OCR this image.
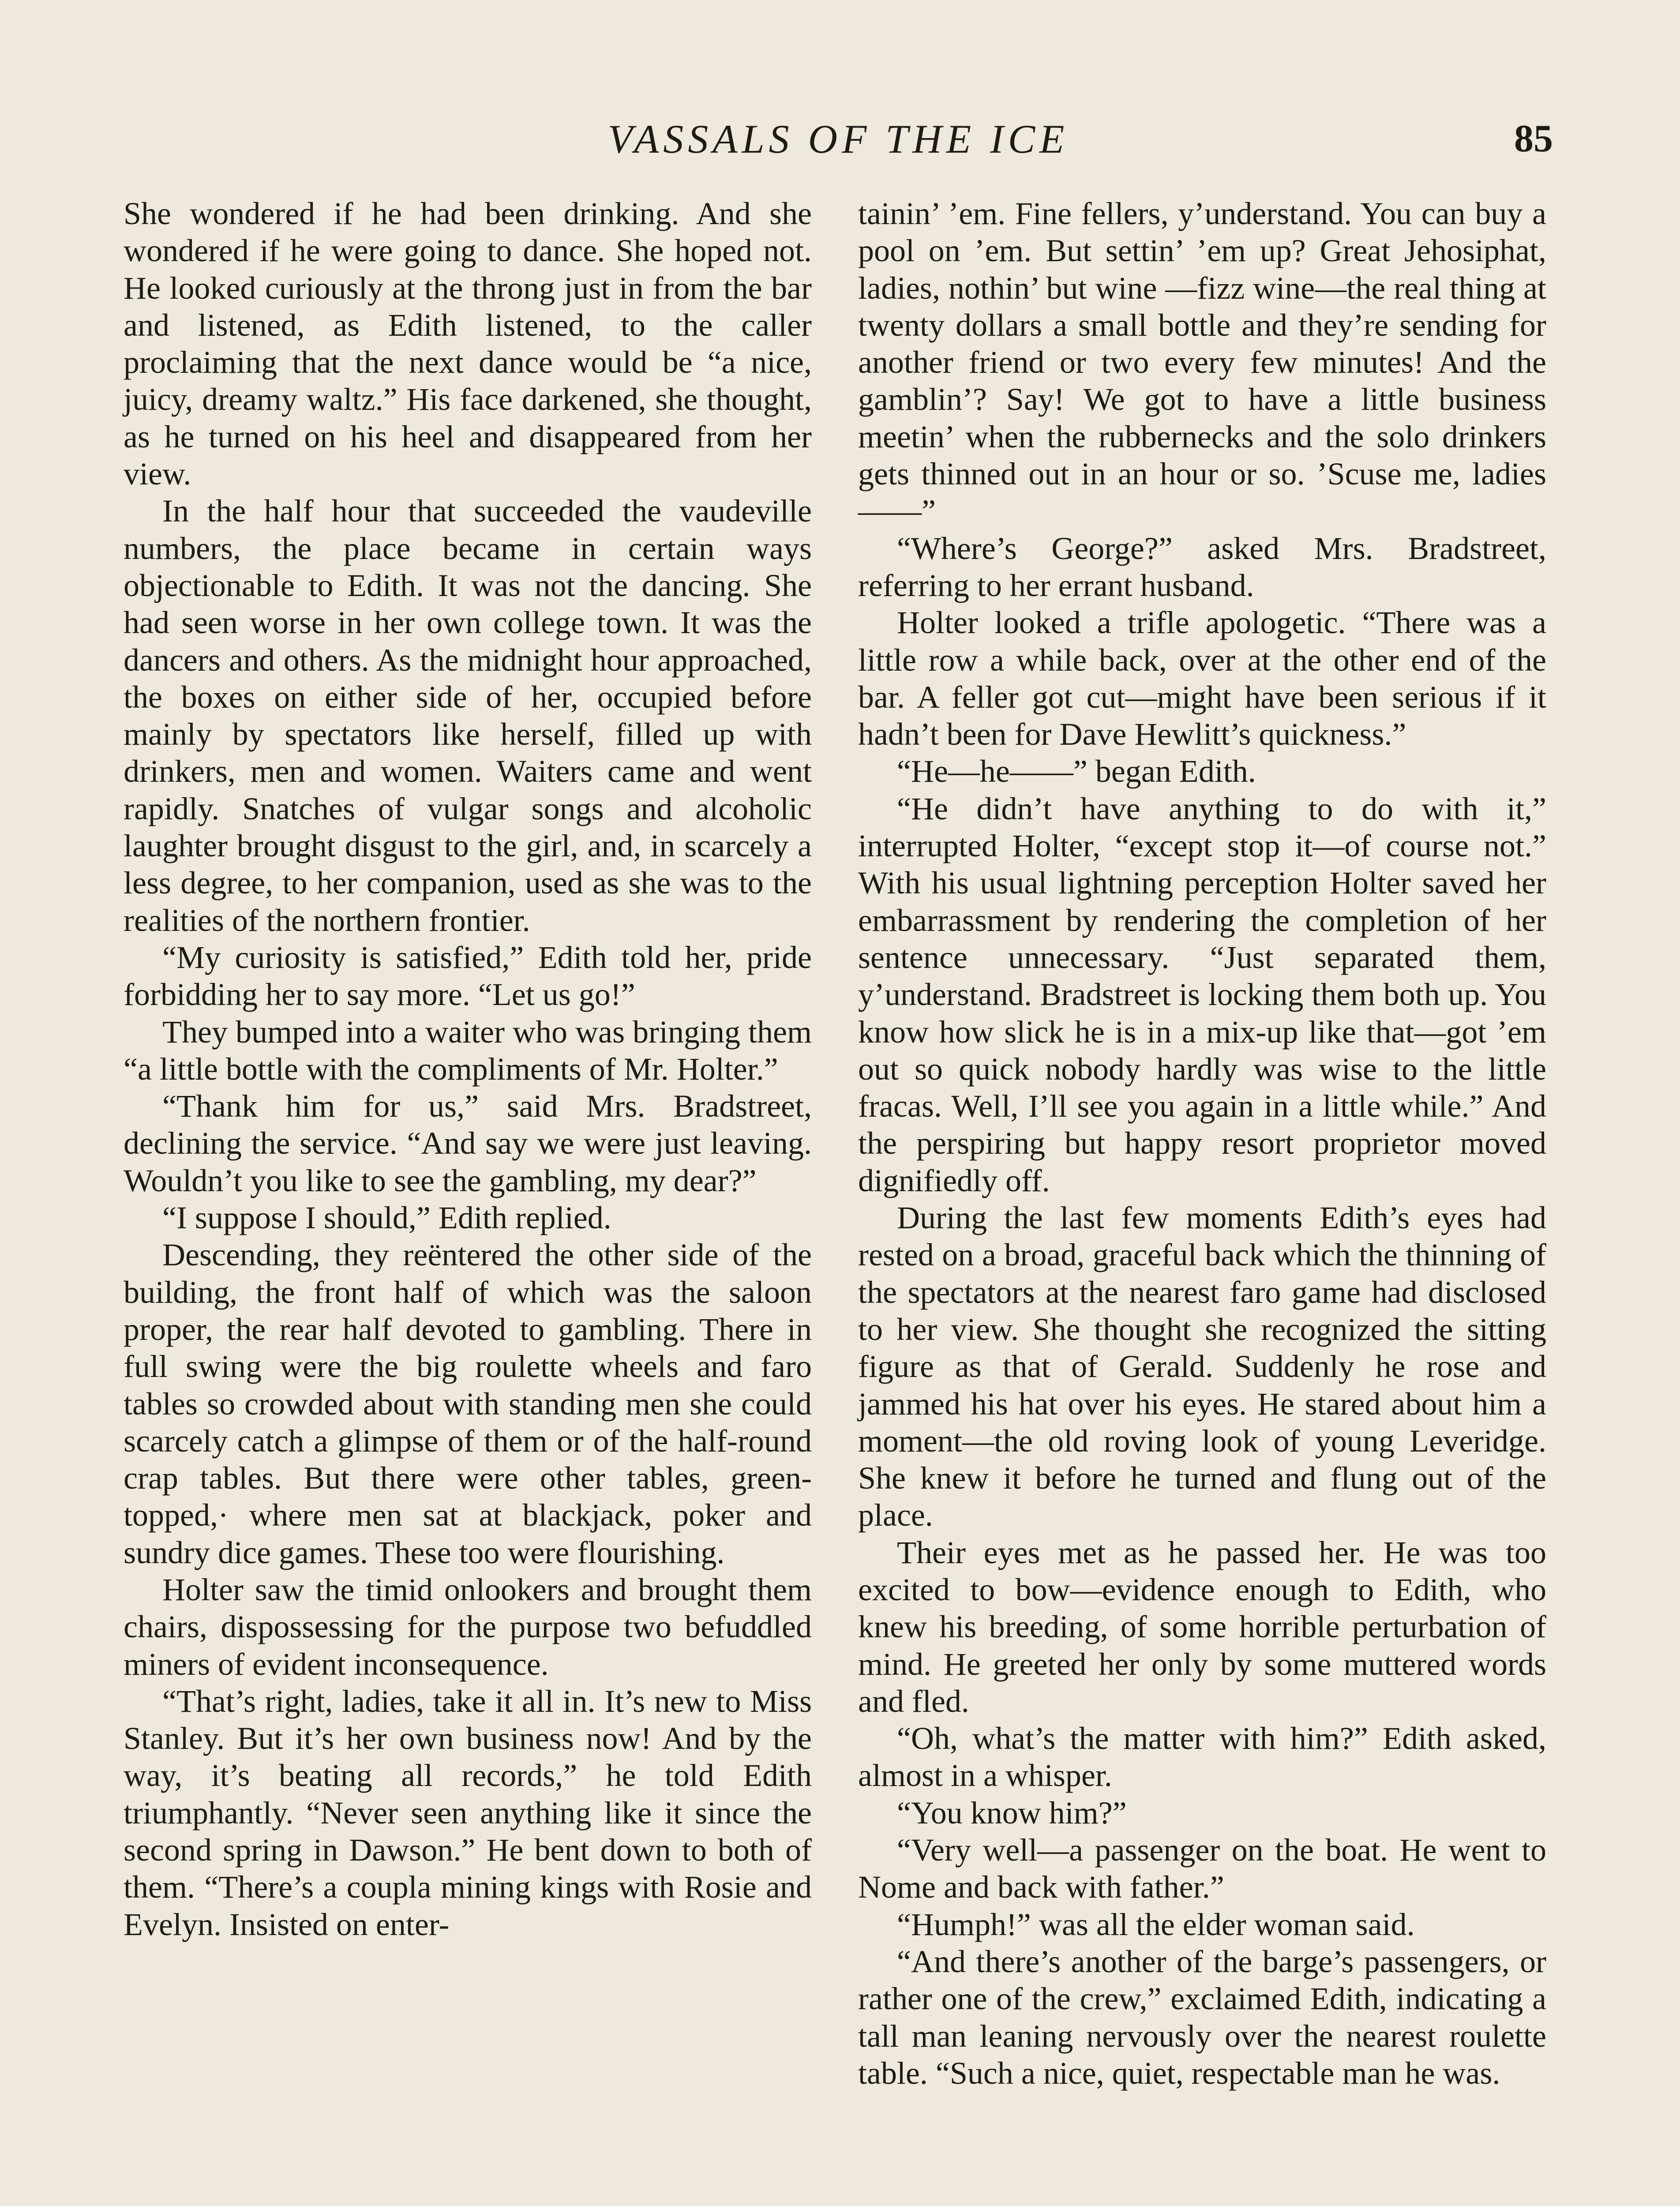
VASSALS OF THE ICE	85

She wondered if he had been drinking. And she wondered if he were going to dance. She hoped not. He looked curiously at the throng just in from the bar and listened, as Edith listened, to the caller proclaiming that the next dance would be “a nice, juicy, dreamy waltz.” His face darkened, she thought, as he turned on his heel and disappeared from her view.

In the half hour that succeeded the vaudeville numbers, the place became in certain ways objectionable to Edith. It was not the dancing. She had seen worse in her own college town. It was the dancers and others. As the midnight hour approached, the boxes on either side of her, occupied before mainly by spectators like herself, filled up with drinkers, men and women. Waiters came and went rapidly. Snatches of vulgar songs and alcoholic laughter brought disgust to the girl, and, in scarcely a less degree, to her companion, used as she was to the realities of the northern frontier.

“My curiosity is satisfied,” Edith told her, pride forbidding her to say more. “Let us go!”

They bumped into a waiter who was bringing them “a little bottle with the compliments of Mr. Holter.”

“Thank him for us,” said Mrs. Bradstreet, declining the service. “And say we were just leaving. Wouldn’t you like to see the gambling, my dear?”

“I suppose I should,” Edith replied.

Descending, they reëntered the other side of the building, the front half of which was the saloon proper, the rear half devoted to gambling. There in full swing were the big roulette wheels and faro tables so crowded about with standing men she could scarcely catch a glimpse of them or of the half-round crap tables. But there were other tables, green-topped,· where men sat at blackjack, poker and sundry dice games. These too were flourishing.

Holter saw the timid onlookers and brought them chairs, dispossessing for the purpose two befuddled miners of evident inconsequence.

“That’s right, ladies, take it all in. It’s new to Miss Stanley. But it’s her own business now! And by the way, it’s beating all records,” he told Edith triumphantly. “Never seen anything like it since the second spring in Dawson.” He bent down to both of them. “There’s a coupla mining kings with Rosie and Evelyn. Insisted on enter-

tainin’ ’em. Fine fellers, y’understand. You can buy a pool on ’em. But settin’ ’em up? Great Jehosiphat, ladies, nothin’ but wine —fizz wine—the real thing at twenty dollars a small bottle and they’re sending for another friend or two every few minutes! And the gamblin’? Say! We got to have a little business meetin’ when the rubbernecks and the solo drinkers gets thinned out in an hour or so. ’Scuse me, ladies——”

“Where’s George?” asked Mrs. Bradstreet, referring to her errant husband.

Holter looked a trifle apologetic. “There was a little row a while back, over at the other end of the bar. A feller got cut—might have been serious if it hadn’t been for Dave Hewlitt’s quickness.”

“He—he——” began Edith.

“He didn’t have anything to do with it,” interrupted Holter, “except stop it—of course not.” With his usual lightning perception Holter saved her embarrassment by rendering the completion of her sentence unnecessary. “Just separated them, y’understand. Bradstreet is locking them both up. You know how slick he is in a mix-up like that—got ’em out so quick nobody hardly was wise to the little fracas. Well, I’ll see you again in a little while.” And the perspiring but happy resort proprietor moved dignifiedly off.

During the last few moments Edith’s eyes had rested on a broad, graceful back which the thinning of the spectators at the nearest faro game had disclosed to her view. She thought she recognized the sitting figure as that of Gerald. Suddenly he rose and jammed his hat over his eyes. He stared about him a moment—the old roving look of young Leveridge. She knew it before he turned and flung out of the place.

Their eyes met as he passed her. He was too excited to bow—evidence enough to Edith, who knew his breeding, of some horrible perturbation of mind. He greeted her only by some muttered words and fled.

“Oh, what’s the matter with him?” Edith asked, almost in a whisper.

“You know him?”

“Very well—a passenger on the boat. He went to Nome and back with father.”

“Humph!” was all the elder woman said.

“And there’s another of the barge’s passengers, or rather one of the crew,” exclaimed Edith, indicating a tall man leaning nervously over the nearest roulette table. “Such a nice, quiet, respectable man he was.
